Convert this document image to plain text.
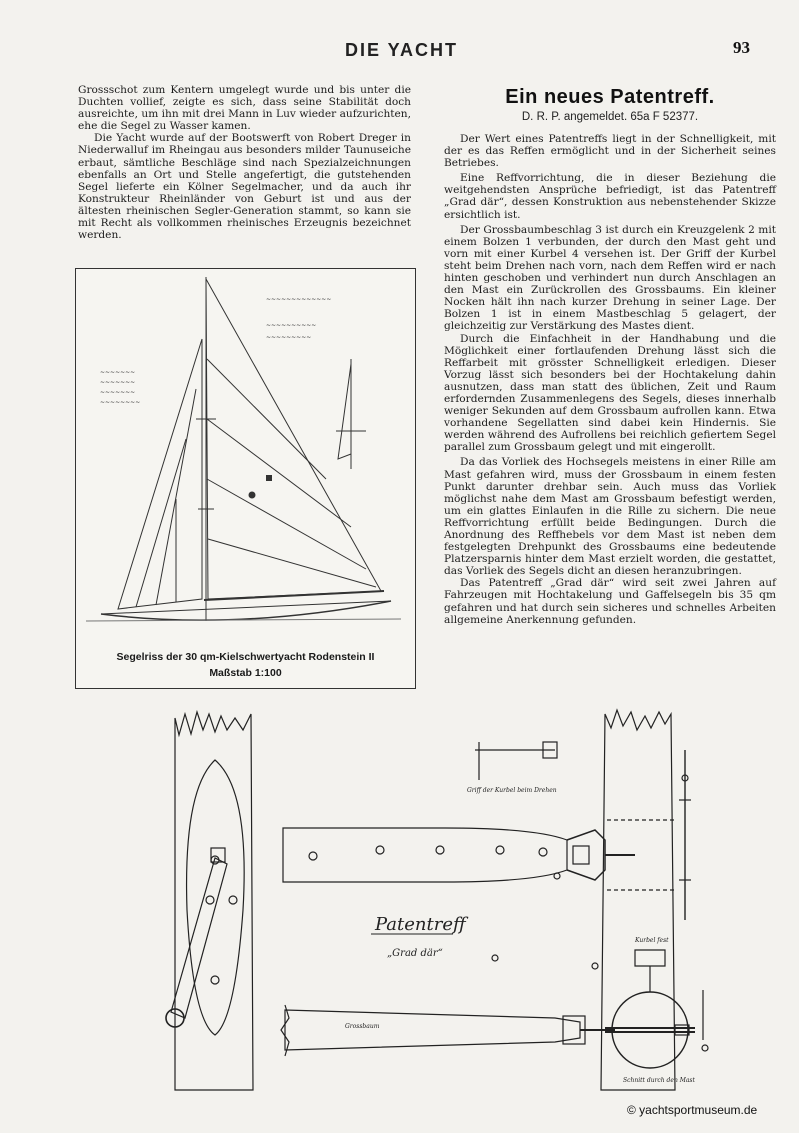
DIE YACHT	93

Grossschot zum Kentern umgelegt wurde und bis unter die Duchten vollief, zeigte es sich, dass seine Stabilität doch ausreichte, um ihn mit drei Mann in Luv wieder aufzurichten, ehe die Segel zu Wasser kamen.

Die Yacht wurde auf der Bootswerft von Robert Dreger in Niederwalluf im Rheingau aus besonders milder Taunuseiche erbaut, sämtliche Beschläge sind nach Spezialzeichnungen ebenfalls an Ort und Stelle angefertigt, die gutstehenden Segel lieferte ein Kölner Segelmacher, und da auch ihr Konstrukteur Rheinländer von Geburt ist und aus der ältesten rheinischen Segler-Generation stammt, so kann sie mit Recht als vollkommen rheinisches Erzeugnis bezeichnet werden.

~~~~~~~~~~~~~
~~~~~~~~~~
~~~~~~~~~
~~~~~~~
~~~~~~~
~~~~~~~
~~~~~~~~
Segelriss der 30 qm-Kielschwertyacht Rodenstein II
Maßstab 1:100
Ein neues Patentreff.
D. R. P. angemeldet. 65a F 52377.

Der Wert eines Patentreffs liegt in der Schnelligkeit, mit der es das Reffen ermöglicht und in der Sicherheit seines Betriebes.

Eine Reffvorrichtung, die in dieser Beziehung die weitgehendsten Ansprüche befriedigt, ist das Patentreff „Grad där“, dessen Konstruktion aus nebenstehender Skizze ersichtlich ist.

Der Grossbaumbeschlag 3 ist durch ein Kreuzgelenk 2 mit einem Bolzen 1 verbunden, der durch den Mast geht und vorn mit einer Kurbel 4 versehen ist. Der Griff der Kurbel steht beim Drehen nach vorn, nach dem Reffen wird er nach hinten geschoben und verhindert nun durch Anschlagen an den Mast ein Zurückrollen des Grossbaums. Ein kleiner Nocken hält ihn nach kurzer Drehung in seiner Lage. Der Bolzen 1 ist in einem Mastbeschlag 5 gelagert, der gleichzeitig zur Verstärkung des Mastes dient.

Durch die Einfachheit in der Handhabung und die Möglichkeit einer fortlaufenden Drehung lässt sich die Reffarbeit mit grösster Schnelligkeit erledigen. Dieser Vorzug lässt sich besonders bei der Hochtakelung dahin ausnutzen, dass man statt des üblichen, Zeit und Raum erfordernden Zusammenlegens des Segels, dieses innerhalb weniger Sekunden auf dem Grossbaum aufrollen kann. Etwa vorhandene Segellatten sind dabei kein Hindernis. Sie werden während des Aufrollens bei reichlich gefiertem Segel parallel zum Grossbaum gelegt und mit eingerollt.

Da das Vorliek des Hochsegels meistens in einer Rille am Mast gefahren wird, muss der Grossbaum in einem festen Punkt darunter drehbar sein. Auch muss das Vorliek möglichst nahe dem Mast am Grossbaum befestigt werden, um ein glattes Einlaufen in die Rille zu sichern. Die neue Reffvorrichtung erfüllt beide Bedingungen. Durch die Anordnung des Reffhebels vor dem Mast ist neben dem festgelegten Drehpunkt des Grossbaums eine bedeutende Platzersparnis hinter dem Mast erzielt worden, die gestattet, das Vorliek des Segels dicht an diesen heranzubringen.

Das Patentreff „Grad där“ wird seit zwei Jahren auf Fahrzeugen mit Hochtakelung und Gaffelsegeln bis 35 qm gefahren und hat durch sein sicheres und schnelles Arbeiten allgemeine Anerkennung gefunden.

Patentreff
„Grad där“
Griff der Kurbel beim Drehen
Kurbel fest
Grossbaum
Schnitt durch den Mast
© yachtsportmuseum.de
